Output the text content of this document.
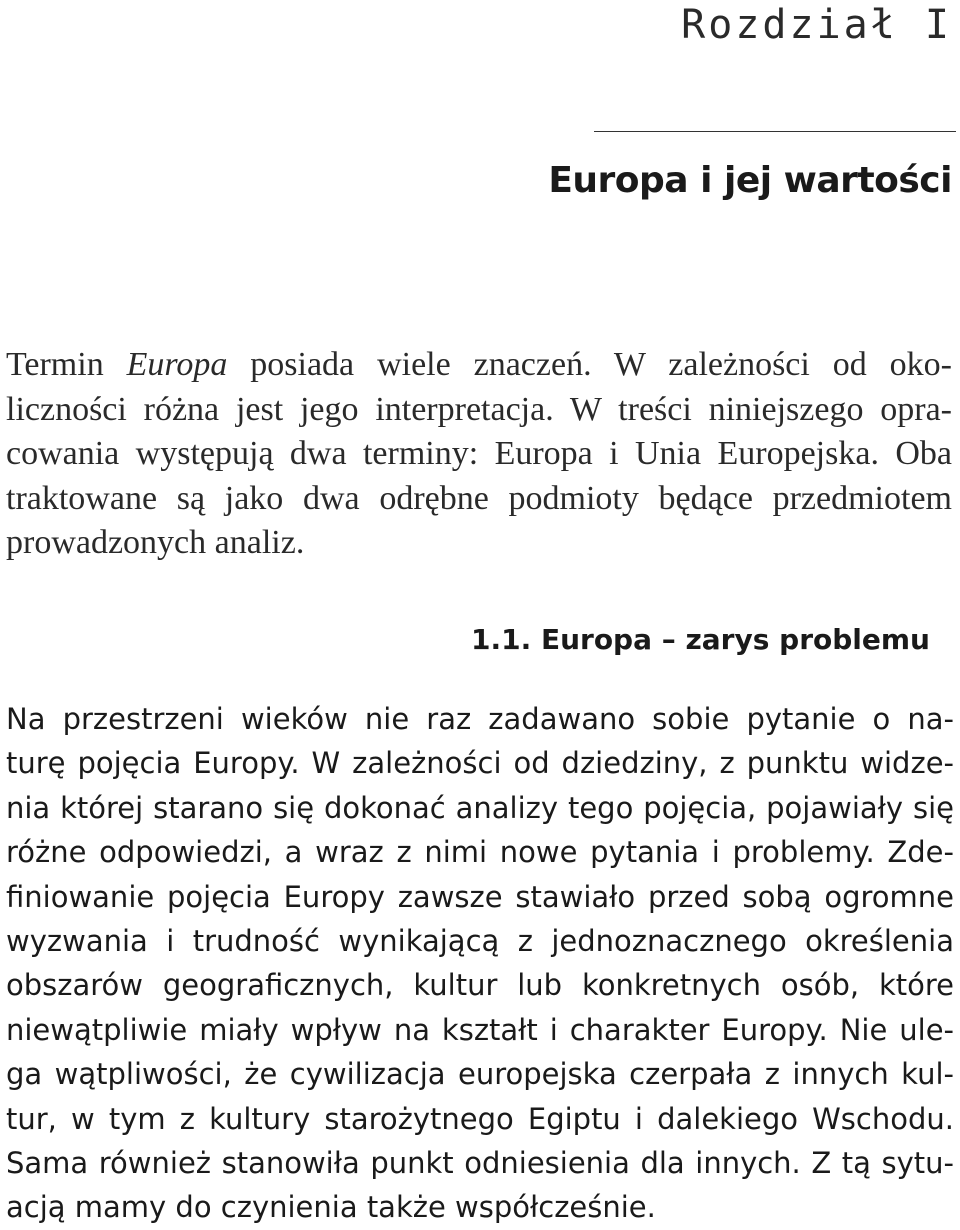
Rozdział I
Europa i jej wartości

Termin Europa posiada wiele znaczeń. W zależności od oko-
liczności różna jest jego interpretacja. W treści niniejszego opra-
cowania występują dwa terminy: Europa i Unia Europejska. Oba
traktowane są jako dwa odrębne podmioty będące przedmiotem
prowadzonych analiz.

1.1. Europa – zarys problemu

Na przestrzeni wieków nie raz zadawano sobie pytanie o na-
turę pojęcia Europy. W zależności od dziedziny, z punktu widze-
nia której starano się dokonać analizy tego pojęcia, pojawiały się
różne odpowiedzi, a wraz z nimi nowe pytania i problemy. Zde-
finiowanie pojęcia Europy zawsze stawiało przed sobą ogromne
wyzwania i trudność wynikającą z jednoznacznego określenia
obszarów geograficznych, kultur lub konkretnych osób, które
niewątpliwie miały wpływ na kształt i charakter Europy. Nie ule-
ga wątpliwości, że cywilizacja europejska czerpała z innych kul-
tur, w tym z kultury starożytnego Egiptu i dalekiego Wschodu.
Sama również stanowiła punkt odniesienia dla innych. Z tą sytu-
acją mamy do czynienia także współcześnie.
